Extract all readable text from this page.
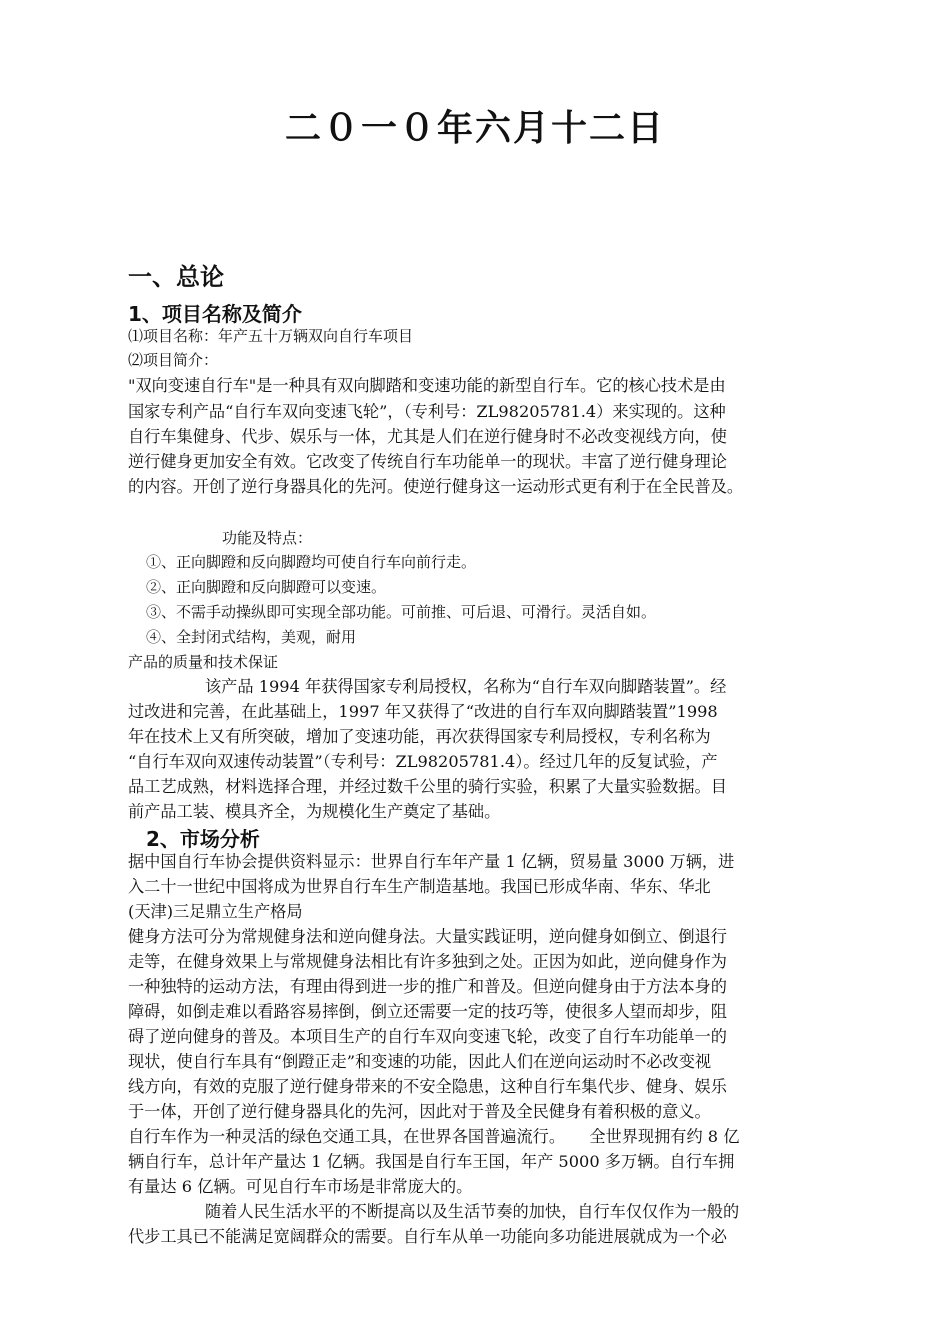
二０一０年六月十二日
一、总论
1、项目名称及简介
⑴项目名称：年产五十万辆双向自行车项目
⑵项目简介：
"双向变速自行车"是一种具有双向脚踏和变速功能的新型自行车。它的核心技术是由
国家专利产品“自行车双向变速飞轮”，（专利号：ZL98205781.4）来实现的。这种
自行车集健身、代步、娱乐与一体，尤其是人们在逆行健身时不必改变视线方向，使
逆行健身更加安全有效。它改变了传统自行车功能单一的现状。丰富了逆行健身理论
的内容。开创了逆行身器具化的先河。使逆行健身这一运动形式更有利于在全民普及。
功能及特点：
①、正向脚蹬和反向脚蹬均可使自行车向前行走。
②、正向脚蹬和反向脚蹬可以变速。
③、不需手动操纵即可实现全部功能。可前推、可后退、可滑行。灵活自如。
④、全封闭式结构，美观，耐用
产品的质量和技术保证
该产品 1994 年获得国家专利局授权，名称为“自行车双向脚踏装置”。经
过改进和完善，在此基础上，1997 年又获得了“改进的自行车双向脚踏装置”1998
年在技术上又有所突破，增加了变速功能，再次获得国家专利局授权，专利名称为
“自行车双向双速传动装置”（专利号：ZL98205781.4）。经过几年的反复试验，产
品工艺成熟，材料选择合理，并经过数千公里的骑行实验，积累了大量实验数据。目
前产品工装、模具齐全，为规模化生产奠定了基础。
2、市场分析
据中国自行车协会提供资料显示：世界自行车年产量 1 亿辆，贸易量 3000 万辆，进
入二十一世纪中国将成为世界自行车生产制造基地。我国已形成华南、华东、华北
(天津)三足鼎立生产格局
健身方法可分为常规健身法和逆向健身法。大量实践证明，逆向健身如倒立、倒退行
走等，在健身效果上与常规健身法相比有许多独到之处。正因为如此，逆向健身作为
一种独特的运动方法，有理由得到进一步的推广和普及。但逆向健身由于方法本身的
障碍，如倒走难以看路容易摔倒，倒立还需要一定的技巧等，使很多人望而却步，阻
碍了逆向健身的普及。本项目生产的自行车双向变速飞轮，改变了自行车功能单一的
现状，使自行车具有“倒蹬正走”和变速的功能，因此人们在逆向运动时不必改变视
线方向，有效的克服了逆行健身带来的不安全隐患，这种自行车集代步、健身、娱乐
于一体，开创了逆行健身器具化的先河，因此对于普及全民健身有着积极的意义。
自行车作为一种灵活的绿色交通工具，在世界各国普遍流行。　　全世界现拥有约 8 亿
辆自行车，总计年产量达 1 亿辆。我国是自行车王国，年产 5000 多万辆。自行车拥
有量达 6 亿辆。可见自行车市场是非常庞大的。
随着人民生活水平的不断提高以及生活节奏的加快，自行车仅仅作为一般的
代步工具已不能满足宽阔群众的需要。自行车从单一功能向多功能进展就成为一个必
